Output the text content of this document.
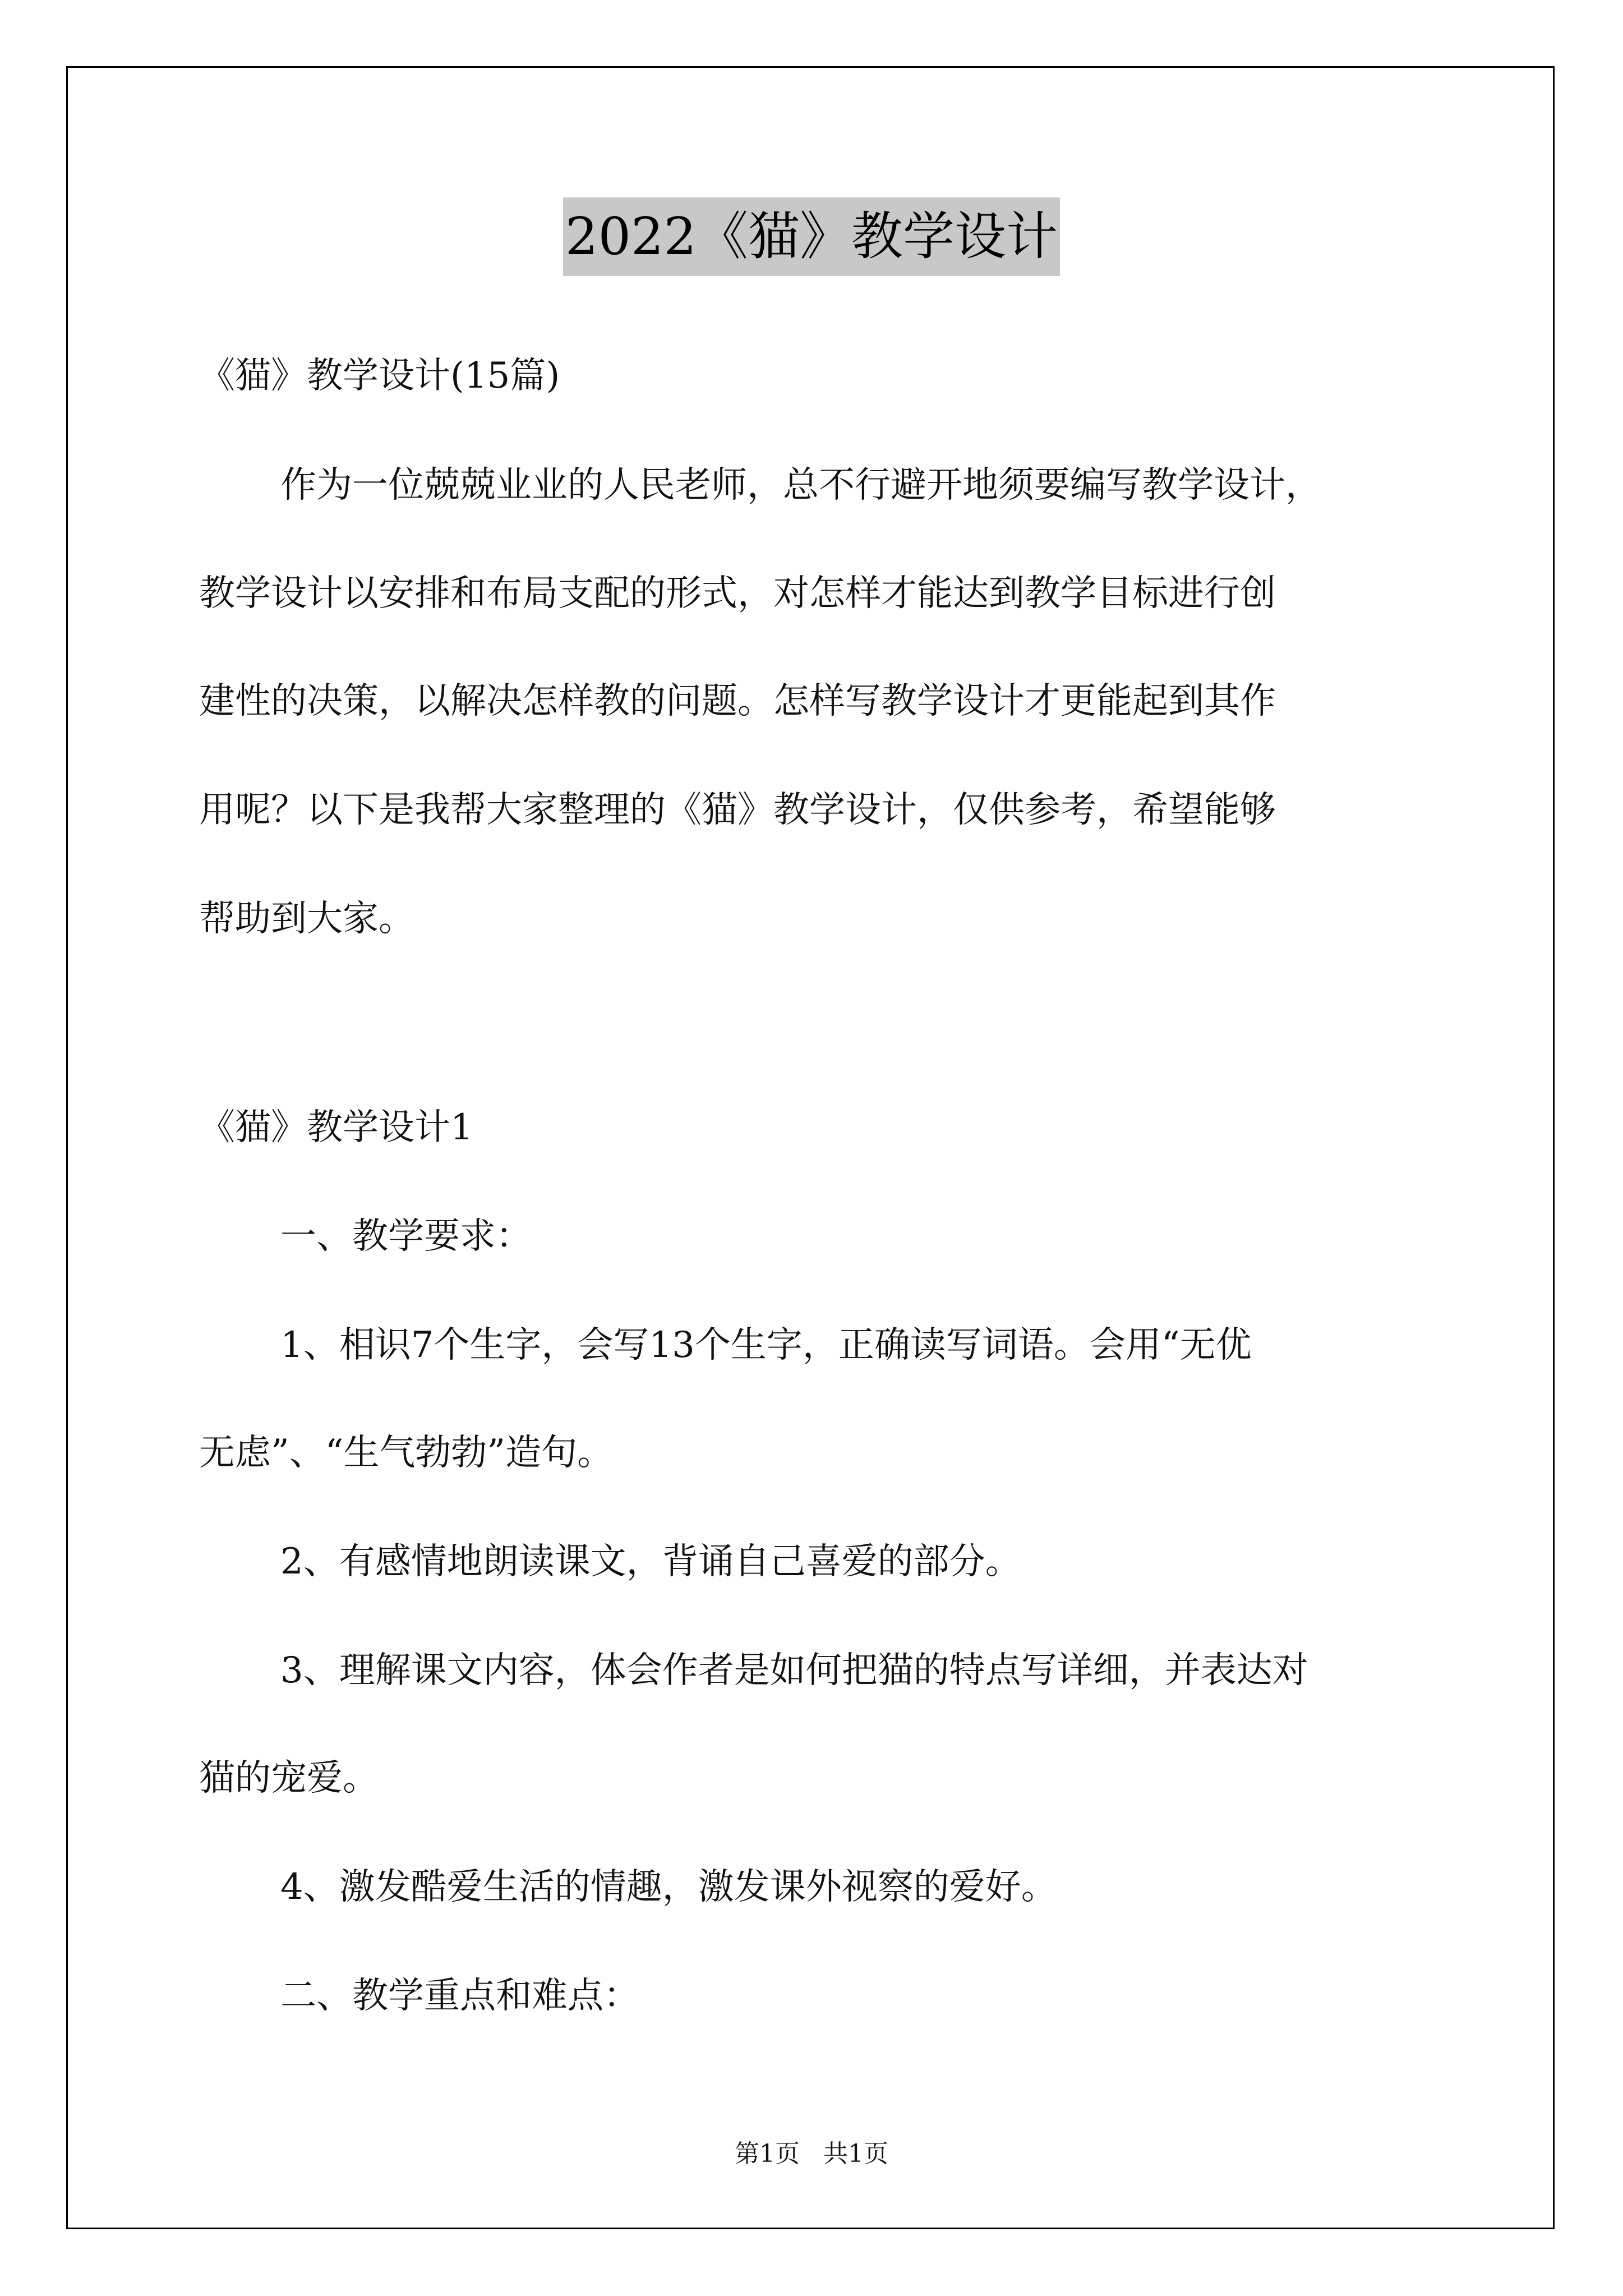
2022《猫》教学设计
《猫》教学设计(15篇)
作为一位兢兢业业的人民老师，总不行避开地须要编写教学设计，
教学设计以安排和布局支配的形式，对怎样才能达到教学目标进行创
建性的决策，以解决怎样教的问题。怎样写教学设计才更能起到其作
用呢？以下是我帮大家整理的《猫》教学设计，仅供参考，希望能够
帮助到大家。
《猫》教学设计1
一、教学要求：
1、相识7个生字，会写13个生字，正确读写词语。会用“无优
无虑”、“生气勃勃”造句。
2、有感情地朗读课文，背诵自己喜爱的部分。
3、理解课文内容，体会作者是如何把猫的特点写详细，并表达对
猫的宠爱。
4、激发酷爱生活的情趣，激发课外视察的爱好。
二、教学重点和难点：
第1页 共1页
